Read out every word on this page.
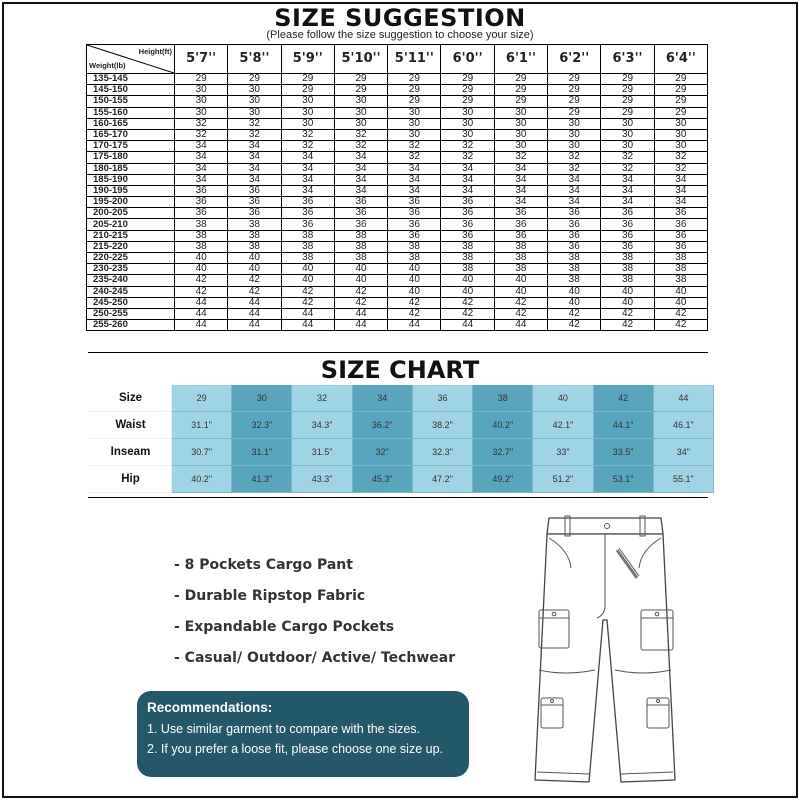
SIZE SUGGESTION
(Please follow the size suggestion to choose your size)
Height(ft)
Weight(lb)	5'7''	5'8''	5'9''	5'10''	5'11''	6'0''	6'1''	6'2''	6'3''	6'4''
135-145	29	29	29	29	29	29	29	29	29	29
145-150	30	30	29	29	29	29	29	29	29	29
150-155	30	30	30	30	29	29	29	29	29	29
155-160	30	30	30	30	30	30	30	29	29	29
160-165	32	32	30	30	30	30	30	30	30	30
165-170	32	32	32	32	30	30	30	30	30	30
170-175	34	34	32	32	32	32	30	30	30	30
175-180	34	34	34	34	32	32	32	32	32	32
180-185	34	34	34	34	34	34	34	32	32	32
185-190	34	34	34	34	34	34	34	34	34	34
190-195	36	36	34	34	34	34	34	34	34	34
195-200	36	36	36	36	36	36	34	34	34	34
200-205	36	36	36	36	36	36	36	36	36	36
205-210	38	38	36	36	36	36	36	36	36	36
210-215	38	38	38	38	36	36	36	36	36	36
215-220	38	38	38	38	38	38	38	36	36	36
220-225	40	40	38	38	38	38	38	38	38	38
230-235	40	40	40	40	40	38	38	38	38	38
235-240	42	42	40	40	40	40	40	38	38	38
240-245	42	42	42	42	40	40	40	40	40	40
245-250	44	44	42	42	42	42	42	40	40	40
250-255	44	44	44	44	42	42	42	42	42	42
255-260	44	44	44	44	44	44	44	42	42	42
SIZE CHART
Size	29	30	32	34	36	38	40	42	44
Waist	31.1"	32.3"	34.3"	36.2"	38.2"	40.2"	42.1"	44.1"	46.1"
Inseam	30.7"	31.1"	31.5"	32"	32.3"	32.7"	33"	33.5"	34"
Hip	40.2"	41.3"	43.3"	45.3"	47.2"	49.2"	51.2"	53.1"	55.1"
- 8 Pockets Cargo Pant
- Durable Ripstop Fabric
- Expandable Cargo Pockets
- Casual/ Outdoor/ Active/ Techwear
Recommendations:
1. Use similar garment to compare with the sizes.
2. If you prefer a loose fit, please choose one size up.
